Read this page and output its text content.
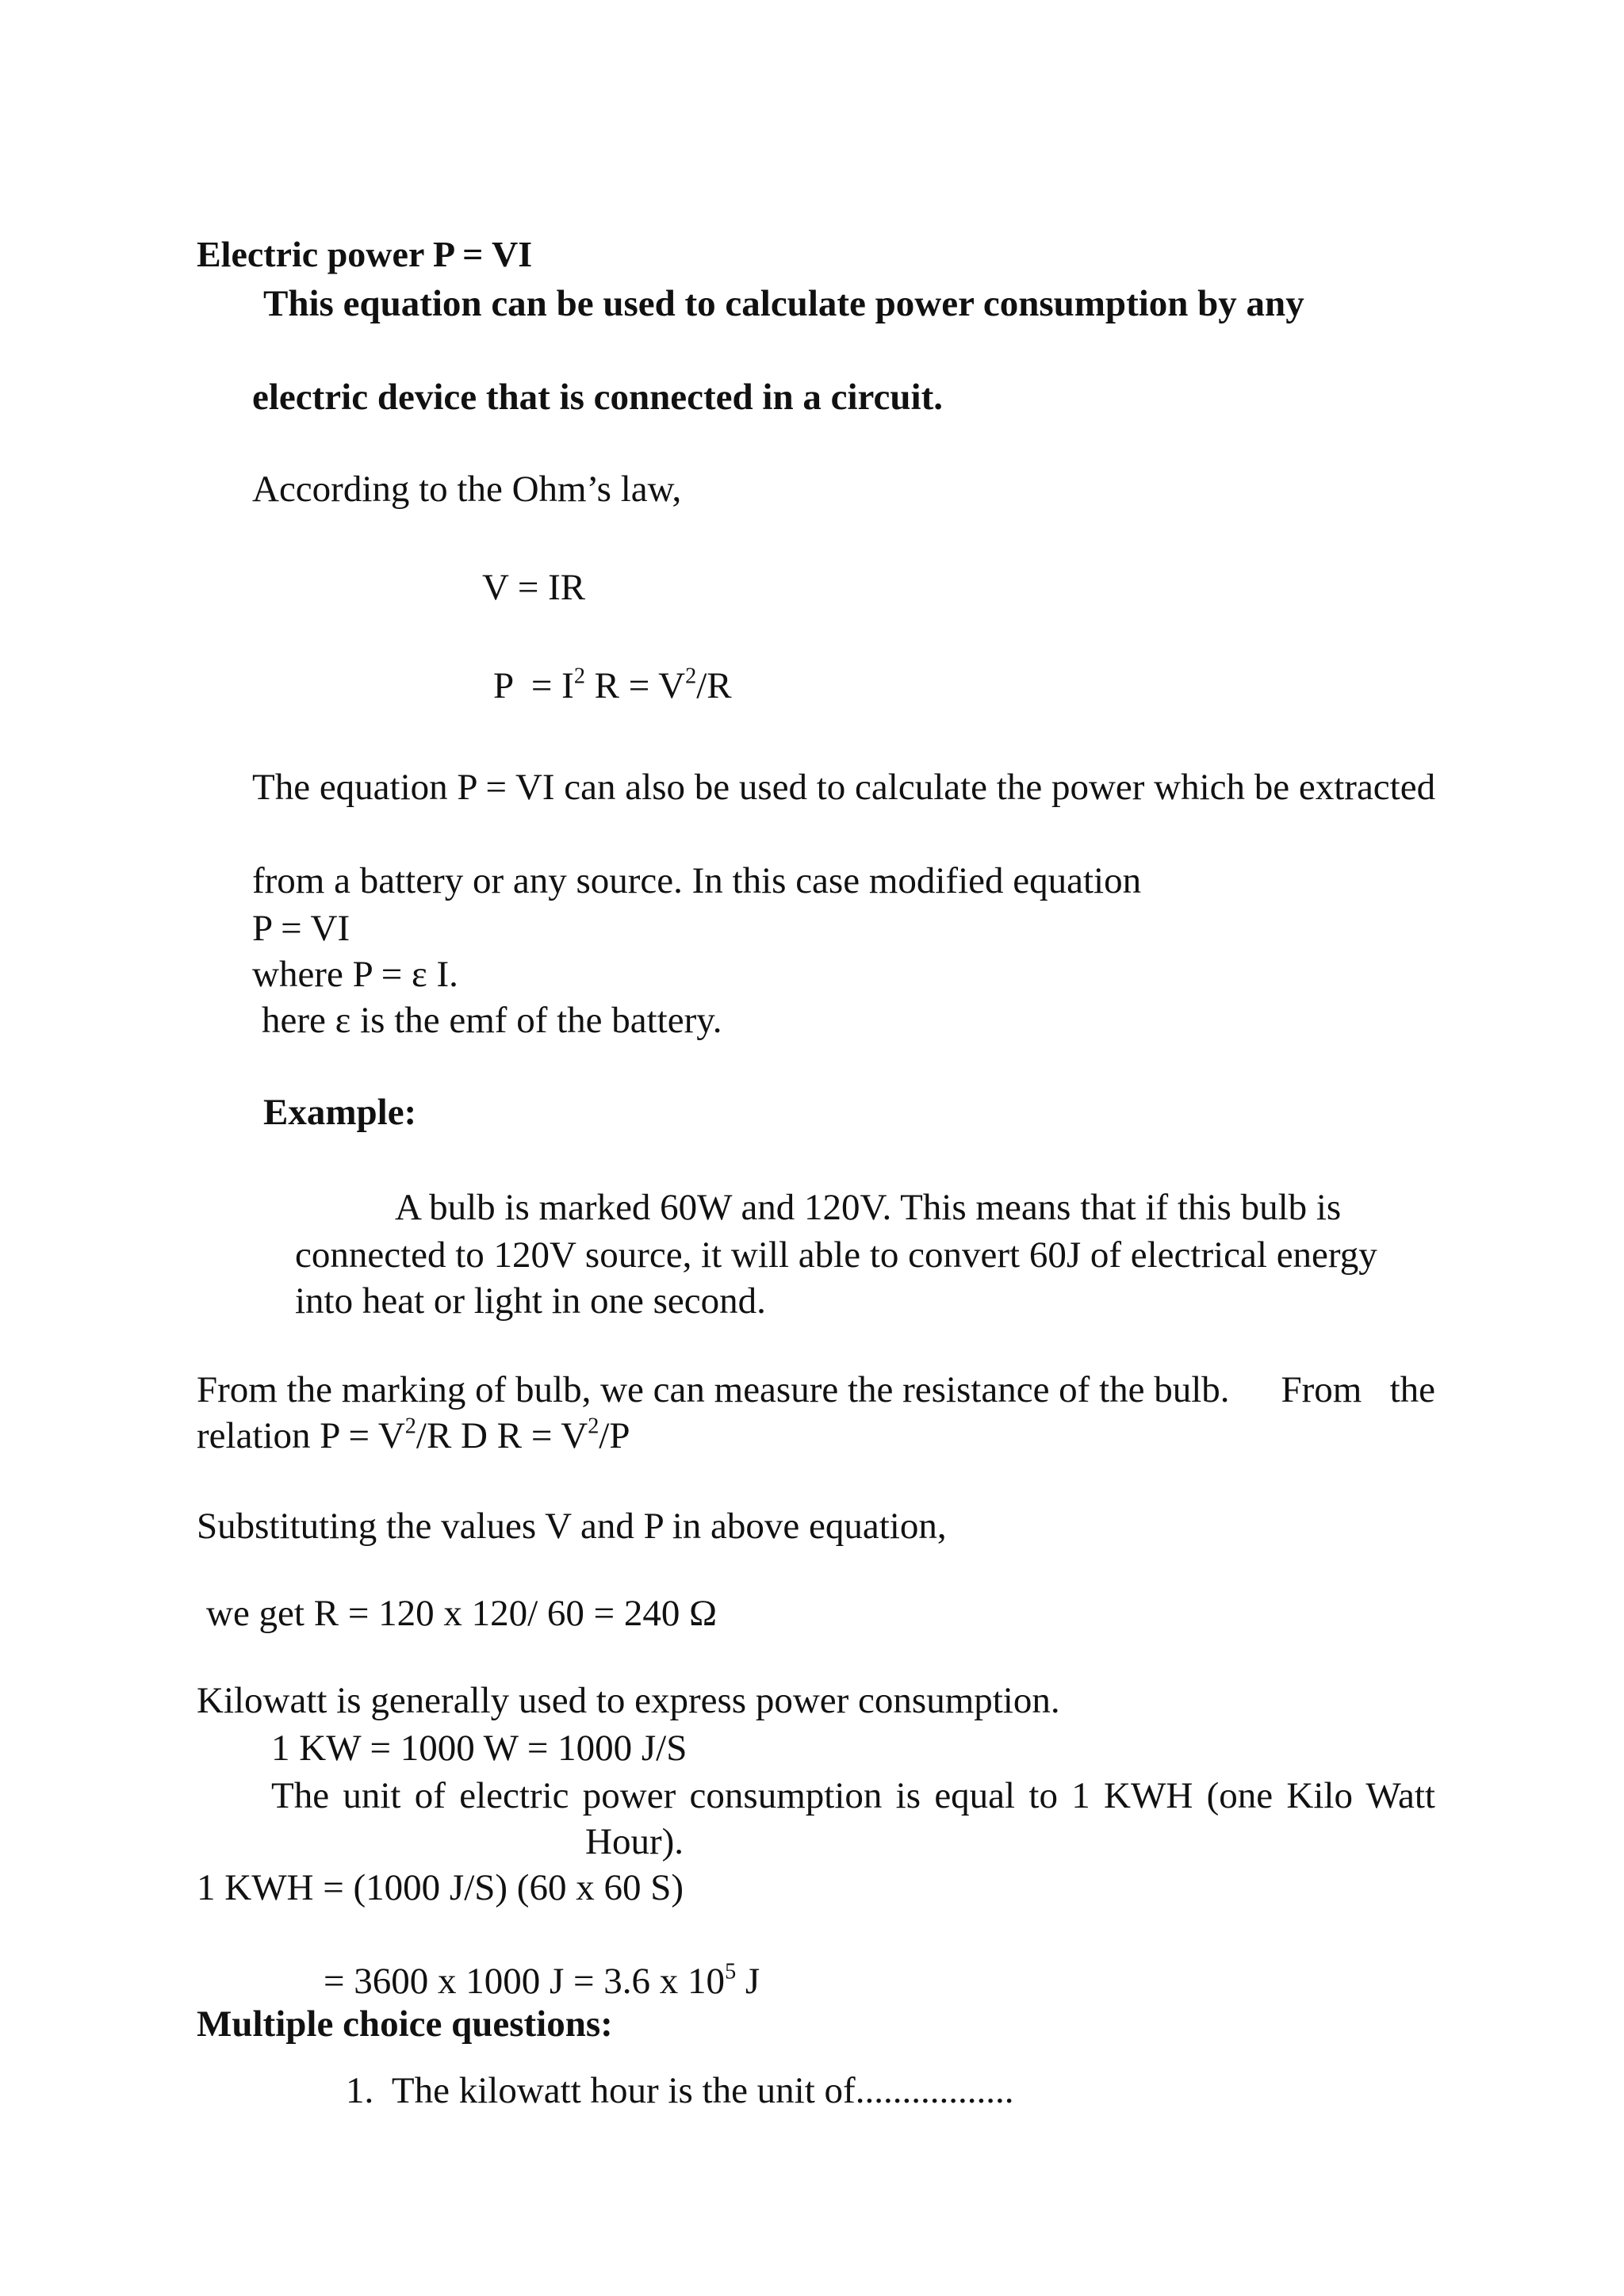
Electric power P = VI
This equation can be used to calculate power consumption by any
electric device that is connected in a circuit.
According to the Ohm’s law,
V = IR
$P = I^2$ $R = V^2/R$
The equation P = VI can also be used to calculate the power which be extracted
from a battery or any source. In this case modified equation
P = VI
where P = ε I.
here ε is the emf of the battery.
Example:
A bulb is marked 60W and 120V. This means that if this bulb is
connected to 120V source, it will able to convert 60J of electrical energy
into heat or light in one second.
From the marking of bulb, we can measure the resistance of the bulb. From   the
relation $P = V^2/R$ D $R = V^2/P$
Substituting the values V and P in above equation,
we get R = 120 x 120/ 60 = 240 Ω
Kilowatt is generally used to express power consumption.
1 KW = 1000 W = 1000 J/S
The unit of electric power consumption is equal to 1 KWH (one Kilo Watt
Hour).
1 KWH = (1000 J/S) (60 x 60 S)
= 3600 x 1000 J = 3.6 x $10^5$ J
Multiple choice questions:
1. The kilowatt hour is the unit of.................
